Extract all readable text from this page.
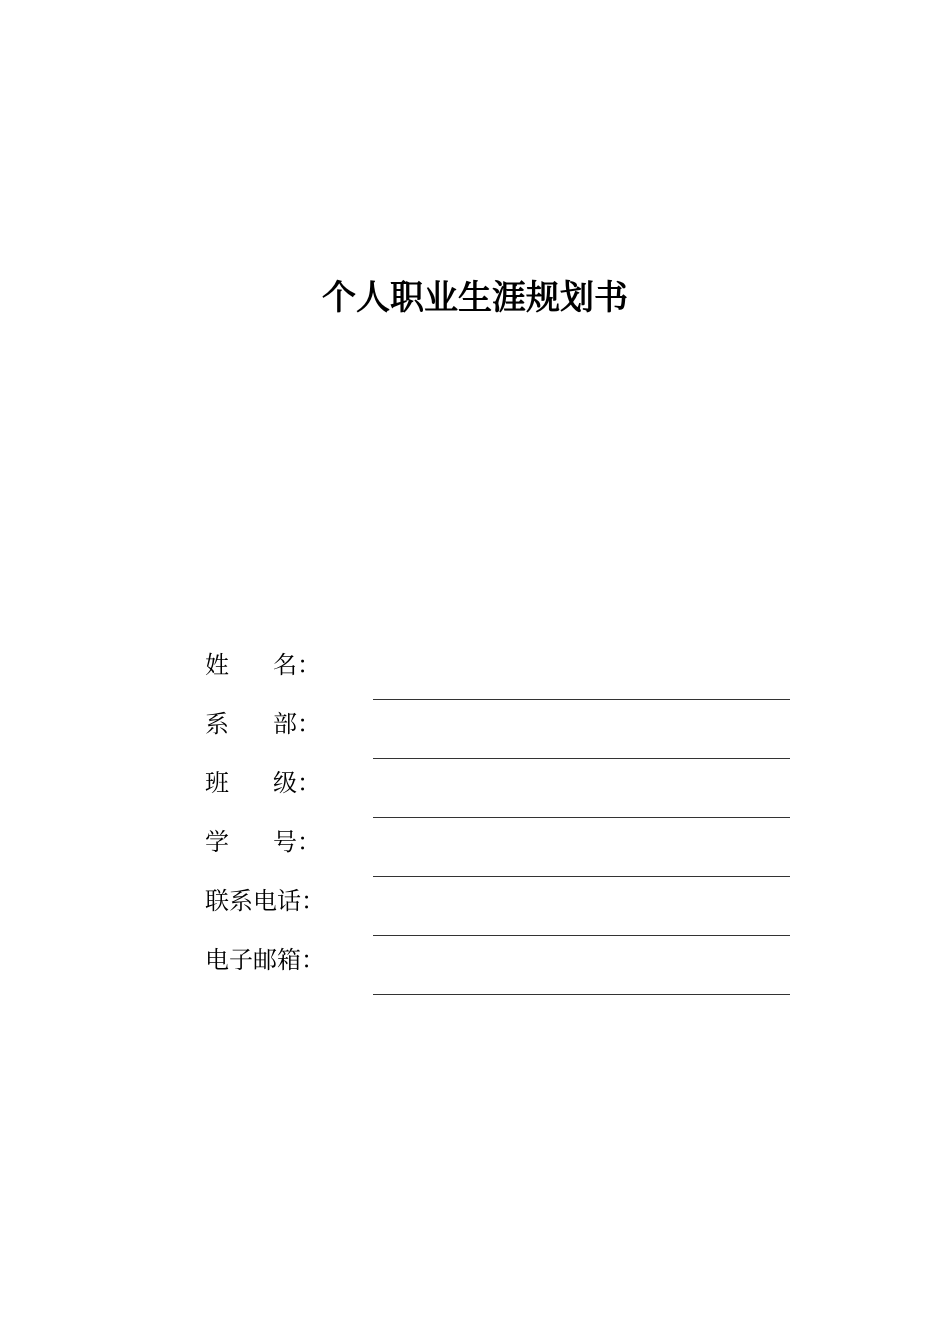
个人职业生涯规划书
姓 名：
系 部：
班 级：
学 号：
联系电话：
电子邮箱：
